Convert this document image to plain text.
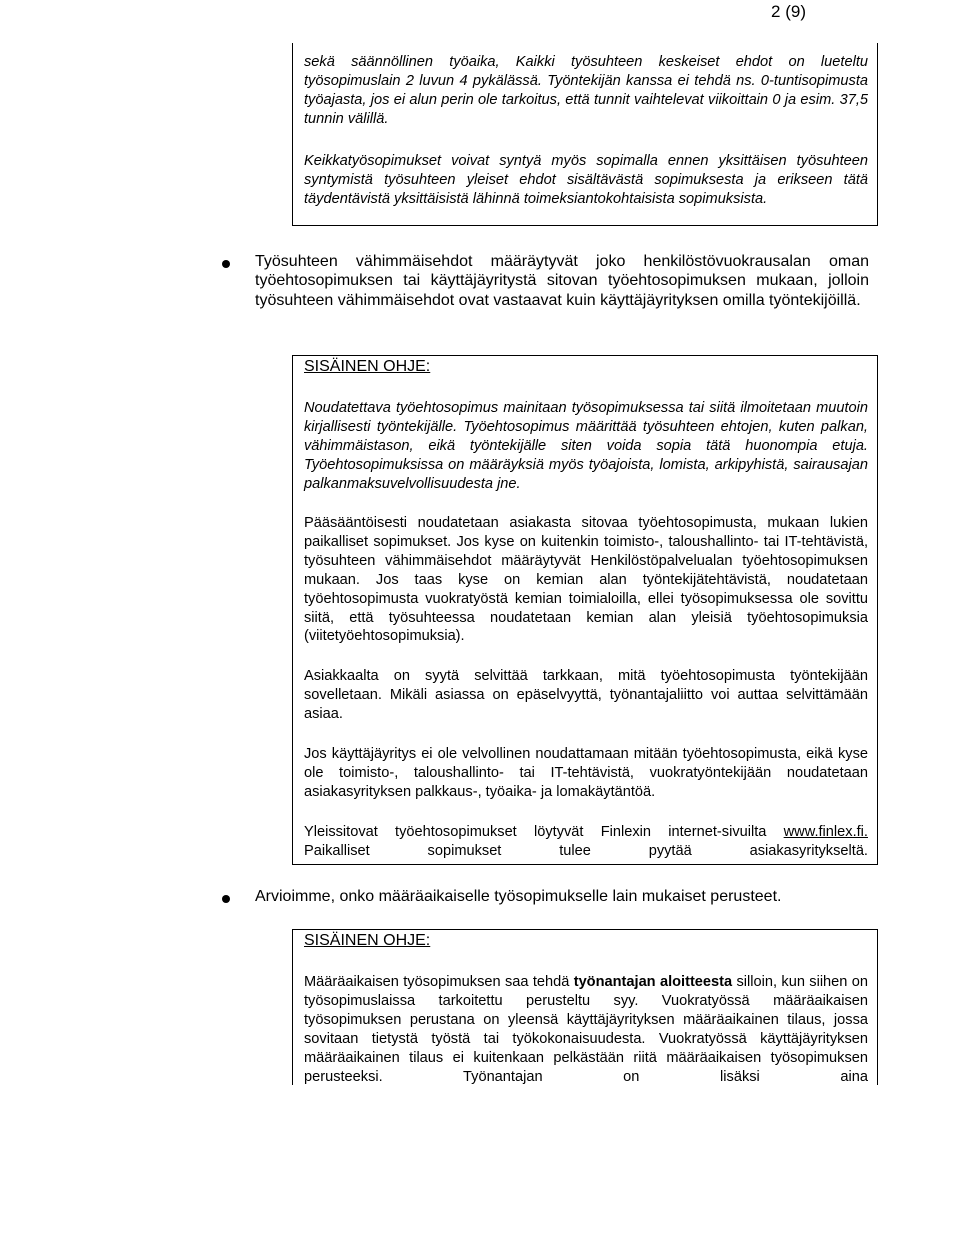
2 (9)
sekä säännöllinen työaika, Kaikki työsuhteen keskeiset ehdot on lueteltu työsopimuslain 2 luvun 4 pykälässä. Työntekijän kanssa ei tehdä ns. 0-tuntisopimusta työajasta, jos ei alun perin ole tarkoitus, että tunnit vaihtelevat viikoittain 0 ja esim. 37,5 tunnin välillä.
Keikkatyösopimukset voivat syntyä myös sopimalla ennen yksittäisen työsuhteen syntymistä työsuhteen yleiset ehdot sisältävästä sopimuksesta ja erikseen tätä täydentävistä yksittäisistä lähinnä toimeksiantokohtaisista sopimuksista.
Työsuhteen vähimmäisehdot määräytyvät joko henkilöstövuokrausalan oman työehtosopimuksen tai käyttäjäyritystä sitovan työehtosopimuksen mukaan, jolloin työsuhteen vähimmäisehdot ovat vastaavat kuin käyttäjäyrityksen omilla työntekijöillä.
SISÄINEN OHJE:
Noudatettava työehtosopimus mainitaan työsopimuksessa tai siitä ilmoitetaan muutoin kirjallisesti työntekijälle. Työehtosopimus määrittää työsuhteen ehtojen, kuten palkan, vähimmäistason, eikä työntekijälle siten voida sopia tätä huonompia etuja. Työehtosopimuksissa on määräyksiä myös työajoista, lomista, arkipyhistä, sairausajan palkanmaksuvelvollisuudesta jne.
Pääsääntöisesti noudatetaan asiakasta sitovaa työehtosopimusta, mukaan lukien paikalliset sopimukset. Jos kyse on kuitenkin toimisto-, taloushallinto- tai IT-tehtävistä, työsuhteen vähimmäisehdot määräytyvät Henkilöstöpalvelualan työehtosopimuksen mukaan. Jos taas kyse on kemian alan työntekijätehtävistä, noudatetaan työehtosopimusta vuokratyöstä kemian toimialoilla, ellei työsopimuksessa ole sovittu siitä, että työsuhteessa noudatetaan kemian alan yleisiä työehtosopimuksia (viitetyöehtosopimuksia).
Asiakkaalta on syytä selvittää tarkkaan, mitä työehtosopimusta työntekijään sovelletaan. Mikäli asiassa on epäselvyyttä, työnantajaliitto voi auttaa selvittämään asiaa.
Jos käyttäjäyritys ei ole velvollinen noudattamaan mitään työehtosopimusta, eikä kyse ole toimisto-, taloushallinto- tai IT-tehtävistä, vuokratyöntekijään noudatetaan asiakasyrityksen palkkaus-, työaika- ja lomakäytäntöä.
Yleissitovat työehtosopimukset löytyvät Finlexin internet-sivuilta www.finlex.fi. Paikalliset sopimukset tulee pyytää asiakasyritykseltä.
Arvioimme, onko määräaikaiselle työsopimukselle lain mukaiset perusteet.
SISÄINEN OHJE:
Määräaikaisen työsopimuksen saa tehdä työnantajan aloitteesta silloin, kun siihen on työsopimuslaissa tarkoitettu perusteltu syy. Vuokratyössä määräaikaisen työsopimuksen perustana on yleensä käyttäjäyrityksen määräaikainen tilaus, jossa sovitaan tietystä työstä tai työkokonaisuudesta. Vuokratyössä käyttäjäyrityksen määräaikainen tilaus ei kuitenkaan pelkästään riitä määräaikaisen työsopimuksen perusteeksi. Työnantajan on lisäksi aina
